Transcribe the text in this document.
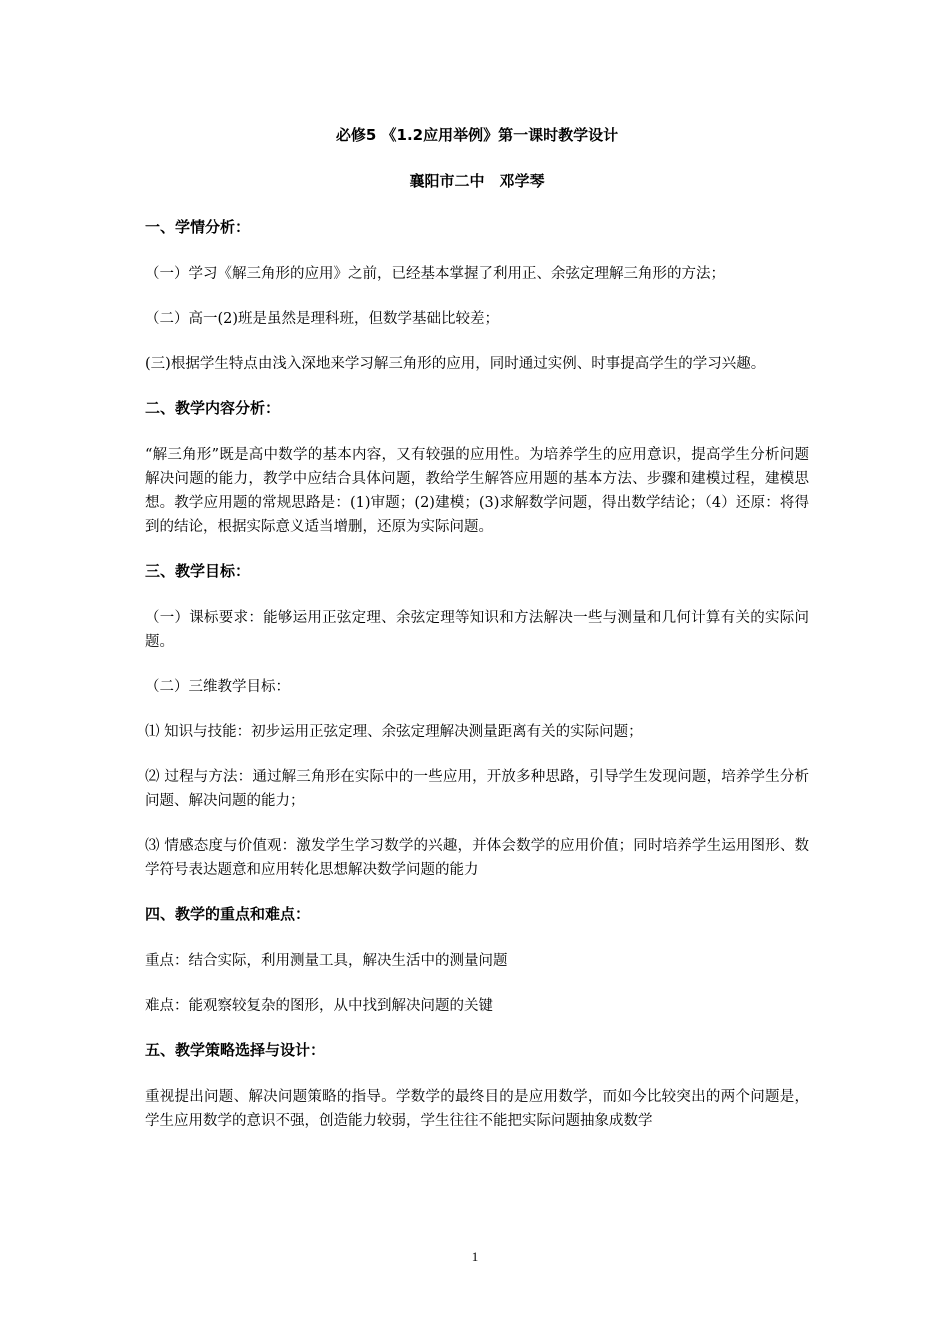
必修5 《1.2应用举例》第一课时教学设计
襄阳市二中　邓学琴
一、学情分析：
（一）学习《解三角形的应用》之前，已经基本掌握了利用正、余弦定理解三角形的方法；
（二）高一(2)班是虽然是理科班，但数学基础比较差；
(三)根据学生特点由浅入深地来学习解三角形的应用，同时通过实例、时事提高学生的学习兴趣。
二、教学内容分析：
“解三角形”既是高中数学的基本内容，又有较强的应用性。为培养学生的应用意识，提高学生分析问题解决问题的能力，教学中应结合具体问题，教给学生解答应用题的基本方法、步骤和建模过程，建模思想。教学应用题的常规思路是：(1)审题；(2)建模；(3)求解数学问题，得出数学结论；（4）还原：将得到的结论，根据实际意义适当增删，还原为实际问题。
三、教学目标：
（一）课标要求：能够运用正弦定理、余弦定理等知识和方法解决一些与测量和几何计算有关的实际问题。
（二）三维教学目标：
⑴ 知识与技能：初步运用正弦定理、余弦定理解决测量距离有关的实际问题；
⑵ 过程与方法：通过解三角形在实际中的一些应用，开放多种思路，引导学生发现问题，培养学生分析问题、解决问题的能力；
⑶ 情感态度与价值观：激发学生学习数学的兴趣，并体会数学的应用价值；同时培养学生运用图形、数学符号表达题意和应用转化思想解决数学问题的能力
四、教学的重点和难点：
重点：结合实际，利用测量工具，解决生活中的测量问题
难点：能观察较复杂的图形，从中找到解决问题的关键
五、教学策略选择与设计：
重视提出问题、解决问题策略的指导。学数学的最终目的是应用数学，而如今比较突出的两个问题是，学生应用数学的意识不强，创造能力较弱，学生往往不能把实际问题抽象成数学
1
